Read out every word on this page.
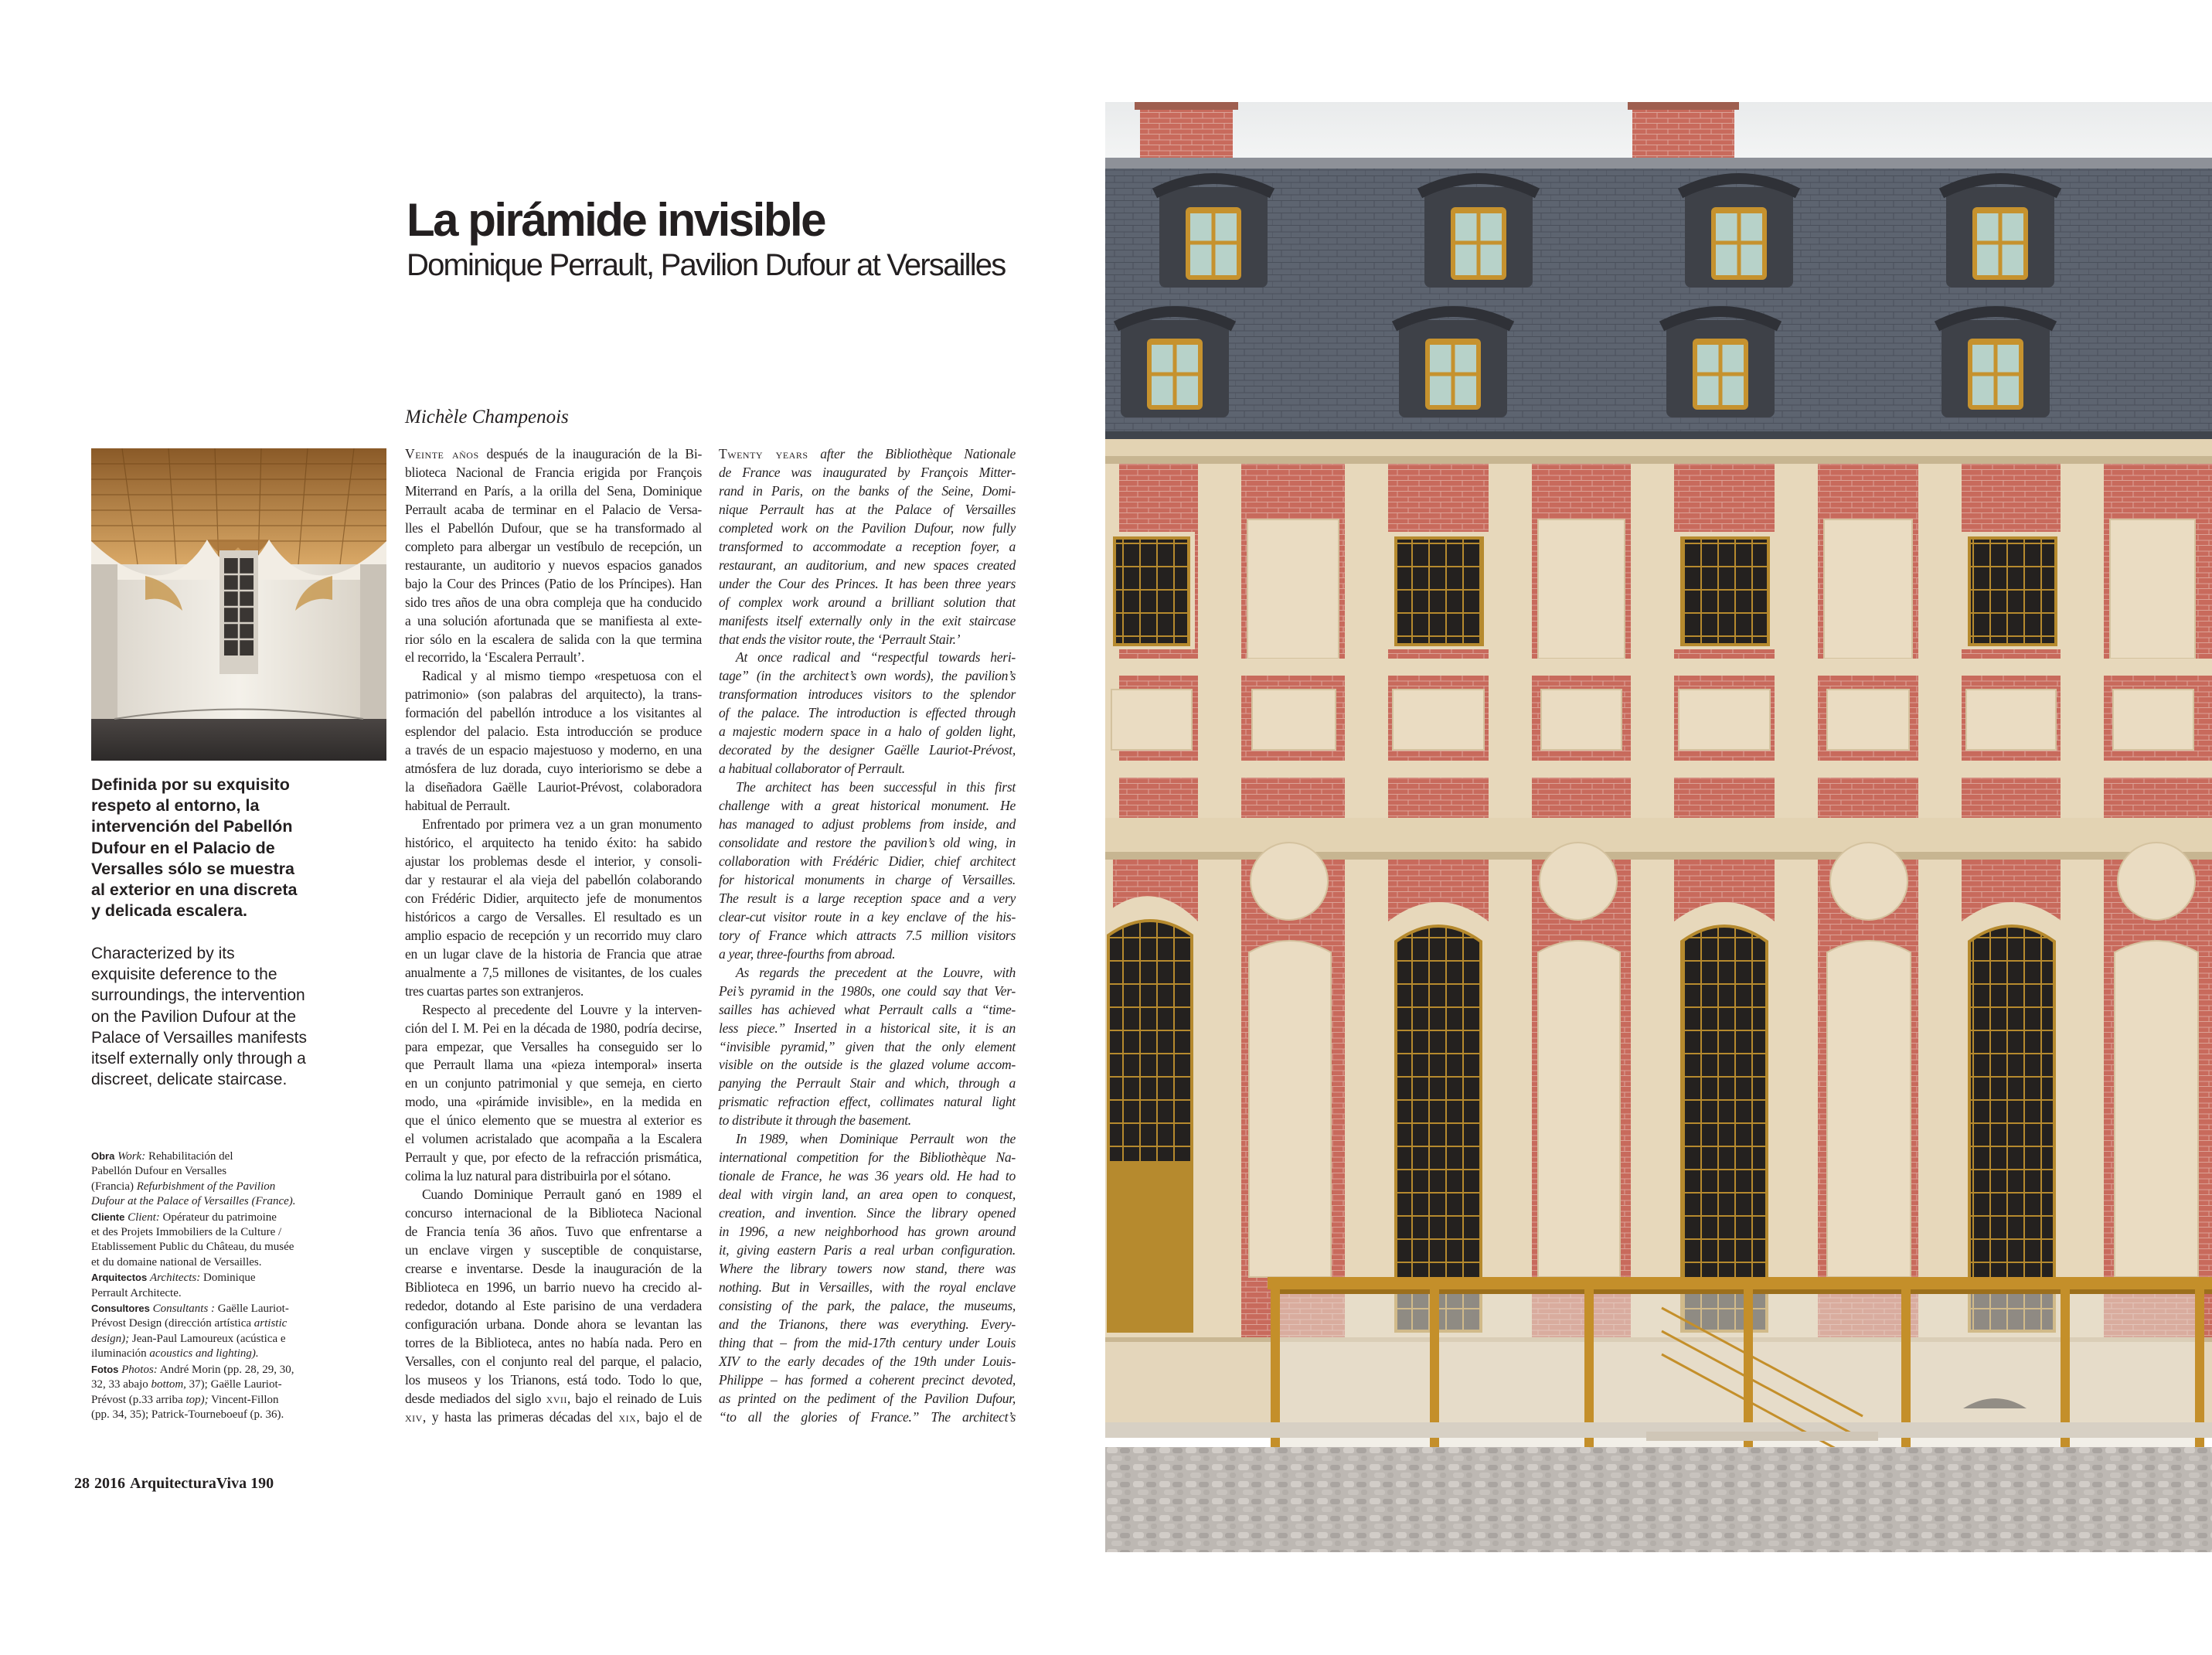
La pirámide invisible
Dominique Perrault, Pavilion Dufour at Versailles
Michèle Champenois
Definida por su exquisito
respeto al entorno, la
intervención del Pabellón
Dufour en el Palacio de
Versalles sólo se muestra
al exterior en una discreta
y delicada escalera.
Characterized by its
exquisite deference to the
surroundings, the intervention
on the Pavilion Dufour at the
Palace of Versailles manifests
itself externally only through a
discreet, delicate staircase.
Obra Work: Rehabilitación del
Pabellón Dufour en Versalles
(Francia) Refurbishment of the Pavilion
Dufour at the Palace of Versailles (France).
Cliente Client: Opérateur du patrimoine
et des Projets Immobiliers de la Culture /
Etablissement Public du Château, du musée
et du domaine national de Versailles.
Arquitectos Architects: Dominique
Perrault Architecte.
Consultores Consultants : Gaëlle Lauriot-
Prévost Design (dirección artística artistic
design); Jean-Paul Lamoureux (acústica e
iluminación acoustics and lighting).
Fotos Photos: André Morin (pp. 28, 29, 30,
32, 33 abajo bottom, 37); Gaëlle Lauriot-
Prévost (p.33 arriba top); Vincent-Fillon
(pp. 34, 35); Patrick-Tourneboeuf (p. 36).
Veinte años después de la inauguración de la Bi-
blioteca Nacional de Francia erigida por François
Miterrand en París, a la orilla del Sena, Dominique
Perrault acaba de terminar en el Palacio de Versa-
lles el Pabellón Dufour, que se ha transformado al
completo para albergar un vestíbulo de recepción, un
restaurante, un auditorio y nuevos espacios ganados
bajo la Cour des Princes (Patio de los Príncipes). Han
sido tres años de una obra compleja que ha conducido
a una solución afortunada que se manifiesta al exte-
rior sólo en la escalera de salida con la que termina
el recorrido, la ‘Escalera Perrault’.
Radical y al mismo tiempo «respetuosa con el
patrimonio» (son palabras del arquitecto), la trans-
formación del pabellón introduce a los visitantes al
esplendor del palacio. Esta introducción se produce
a través de un espacio majestuoso y moderno, en una
atmósfera de luz dorada, cuyo interiorismo se debe a
la diseñadora Gaëlle Lauriot-Prévost, colaboradora
habitual de Perrault.
Enfrentado por primera vez a un gran monumento
histórico, el arquitecto ha tenido éxito: ha sabido
ajustar los problemas desde el interior, y consoli-
dar y restaurar el ala vieja del pabellón colaborando
con Frédéric Didier, arquitecto jefe de monumentos
históricos a cargo de Versalles. El resultado es un
amplio espacio de recepción y un recorrido muy claro
en un lugar clave de la historia de Francia que atrae
anualmente a 7,5 millones de visitantes, de los cuales
tres cuartas partes son extranjeros.
Respecto al precedente del Louvre y la interven-
ción del I. M. Pei en la década de 1980, podría decirse,
para empezar, que Versalles ha conseguido ser lo
que Perrault llama una «pieza intemporal» inserta
en un conjunto patrimonial y que semeja, en cierto
modo, una «pirámide invisible», en la medida en
que el único elemento que se muestra al exterior es
el volumen acristalado que acompaña a la Escalera
Perrault y que, por efecto de la refracción prismática,
colima la luz natural para distribuirla por el sótano.
Cuando Dominique Perrault ganó en 1989 el
concurso internacional de la Biblioteca Nacional
de Francia tenía 36 años. Tuvo que enfrentarse a
un enclave virgen y susceptible de conquistarse,
crearse e inventarse. Desde la inauguración de la
Biblioteca en 1996, un barrio nuevo ha crecido al-
rededor, dotando al Este parisino de una verdadera
configuración urbana. Donde ahora se levantan las
torres de la Biblioteca, antes no había nada. Pero en
Versalles, con el conjunto real del parque, el palacio,
los museos y los Trianons, está todo. Todo lo que,
desde mediados del siglo xvii, bajo el reinado de Luis
xiv, y hasta las primeras décadas del xix, bajo el de
Twenty years after the Bibliothèque Nationale
de France was inaugurated by François Mitter-
rand in Paris, on the banks of the Seine, Domi-
nique Perrault has at the Palace of Versailles
completed work on the Pavilion Dufour, now fully
transformed to accommodate a reception foyer, a
restaurant, an auditorium, and new spaces created
under the Cour des Princes. It has been three years
of complex work around a brilliant solution that
manifests itself externally only in the exit staircase
that ends the visitor route, the ‘Perrault Stair.’
At once radical and “respectful towards heri-
tage” (in the architect’s own words), the pavilion’s
transformation introduces visitors to the splendor
of the palace. The introduction is effected through
a majestic modern space in a halo of golden light,
decorated by the designer Gaëlle Lauriot-Prévost,
a habitual collaborator of Perrault.
The architect has been successful in this first
challenge with a great historical monument. He
has managed to adjust problems from inside, and
consolidate and restore the pavilion’s old wing, in
collaboration with Frédéric Didier, chief architect
for historical monuments in charge of Versailles.
The result is a large reception space and a very
clear-cut visitor route in a key enclave of the his-
tory of France which attracts 7.5 million visitors
a year, three-fourths from abroad.
As regards the precedent at the Louvre, with
Pei’s pyramid in the 1980s, one could say that Ver-
sailles has achieved what Perrault calls a “time-
less piece.” Inserted in a historical site, it is an
“invisible pyramid,” given that the only element
visible on the outside is the glazed volume accom-
panying the Perrault Stair and which, through a
prismatic refraction effect, collimates natural light
to distribute it through the basement.
In 1989, when Dominique Perrault won the
international competition for the Bibliothèque Na-
tionale de France, he was 36 years old. He had to
deal with virgin land, an area open to conquest,
creation, and invention. Since the library opened
in 1996, a new neighborhood has grown around
it, giving eastern Paris a real urban configuration.
Where the library towers now stand, there was
nothing. But in Versailles, with the royal enclave
consisting of the park, the palace, the museums,
and the Trianons, there was everything. Every-
thing that – from the mid-17th century under Louis
XIV to the early decades of the 19th under Louis-
Philippe – has formed a coherent precinct devoted,
as printed on the pediment of the Pavilion Dufour,
“to all the glories of France.” The architect’s
28 2016 ArquitecturaViva 190
